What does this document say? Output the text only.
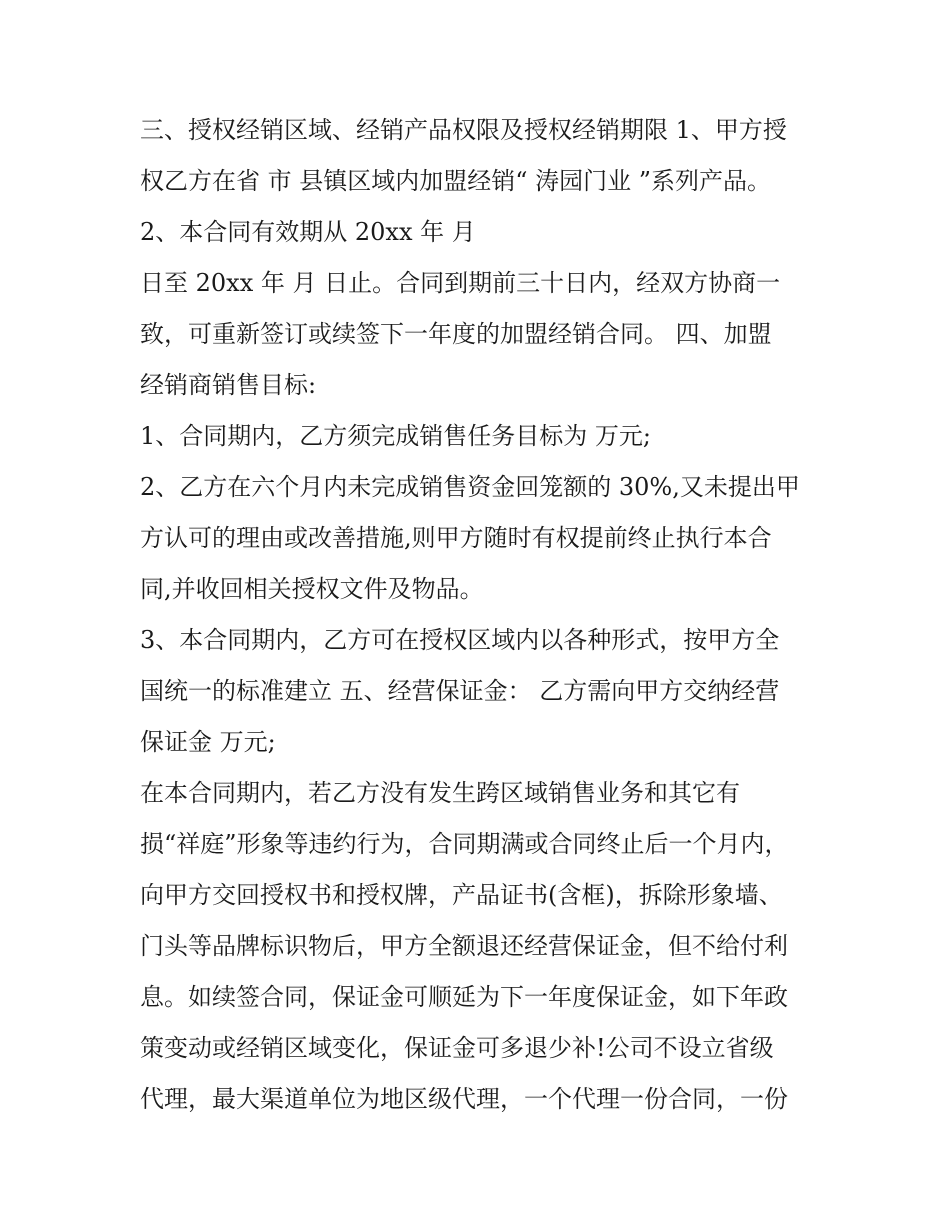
三、授权经销区域、经销产品权限及授权经销期限 1、甲方授
权乙方在省 市 县镇区域内加盟经销“ 涛园门业 ”系列产品。
2、本合同有效期从 20xx 年 月
日至 20xx 年 月 日止。合同到期前三十日内，经双方协商一
致，可重新签订或续签下一年度的加盟经销合同。 四、加盟
经销商销售目标:
1、合同期内，乙方须完成销售任务目标为 万元;
2、乙方在六个月内未完成销售资金回笼额的 30%,又未提出甲
方认可的理由或改善措施,则甲方随时有权提前终止执行本合
同,并收回相关授权文件及物品。
3、本合同期内，乙方可在授权区域内以各种形式，按甲方全
国统一的标准建立 五、经营保证金： 乙方需向甲方交纳经营
保证金 万元;
在本合同期内，若乙方没有发生跨区域销售业务和其它有
损“祥庭”形象等违约行为，合同期满或合同终止后一个月内，
向甲方交回授权书和授权牌，产品证书(含框)，拆除形象墙、
门头等品牌标识物后，甲方全额退还经营保证金，但不给付利
息。如续签合同，保证金可顺延为下一年度保证金，如下年政
策变动或经销区域变化，保证金可多退少补!公司不设立省级
代理，最大渠道单位为地区级代理，一个代理一份合同，一份
